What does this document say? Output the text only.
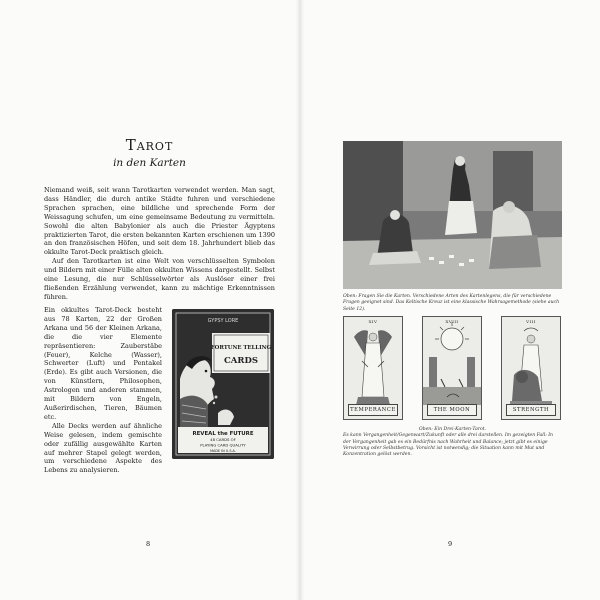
Tarot
in den Karten

Niemand weiß, seit wann Tarotkarten verwendet werden. Man sagt, dass Händler, die durch antike Städte fuhren und verschiedene Sprachen sprachen, eine bildliche und sprechende Form der Weissagung schufen, um eine gemeinsame Bedeutung zu vermitteln. Sowohl die alten Babylonier als auch die Priester Ägyptens praktizierten Tarot, die ersten bekannten Karten erschienen um 1390 an den französischen Höfen, und seit dem 18. Jahrhundert blieb das okkulte Tarot-Deck praktisch gleich.

Auf den Tarotkarten ist eine Welt von verschlüsselten Symbolen und Bildern mit einer Fülle alten okkulten Wissens dargestellt. Selbst eine Lesung, die nur Schlüsselwörter als Auslöser einer frei fließenden Erzählung verwendet, kann zu mächtige Erkenntnissen führen.

Ein okkultes Tarot-Deck besteht aus 78 Karten, 22 der Großen Arkana und 56 der Kleinen Arkana, die die vier Elemente repräsentieren: Zauberstäbe (Feuer), Kelche (Wasser), Schwerter (Luft) und Pentakel (Erde). Es gibt auch Versionen, die von Künstlern, Philosophen, Astrologen und anderen stammen, mit Bildern von Engeln, Außerirdischen, Tieren, Bäumen etc.

Alle Decks werden auf ähnliche Weise gelesen, indem gemischte oder zufällig ausgewählte Karten auf mehrer Stapel gelegt werden, um verschiedene Aspekte des Lebens zu analysieren.

GYPSY LORE
FORTUNE TELLING
CARDS
REVEAL the FUTURE
48 CARDS OF
PLAYING CARD QUALITY
MADE IN U.S.A.
8
Oben: Fragen Sie die Karten. Verschiedene Arten des Kartenlegens, die für verschiedene Fragen geeignet sind. Das Keltische Kreuz ist eine klassische Wahrsagemethode (siehe auch Seite 12).
XIV
TEMPERANCE
XVIII
THE MOON
VIII
STRENGTH
Oben: Ein Drei-Karten-Tarot.
Es kann Vergangenheit/Gegenwart/Zukunft oder alle drei darstellen. Im gezeigten Fall: In der Vergangenheit gab es ein Bedürfnis nach Wahrheit und Balance; jetzt gibt es einige Verwirrung oder Selbstbetrug. Vorsicht ist notwendig; die Situation kann mit Mut und Konzentration gelöst werden.
9
